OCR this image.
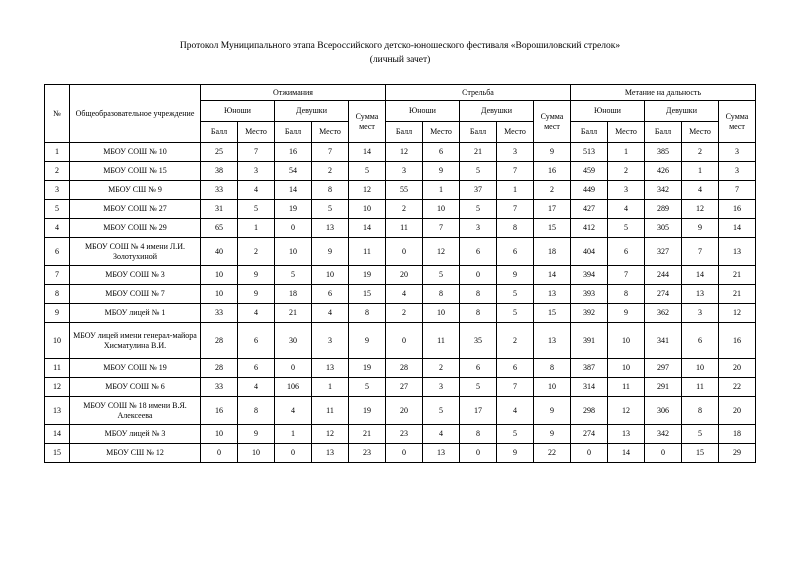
Протокол Муниципального этапа Всероссийского детско-юношеского фестиваля «Ворошиловский стрелок»
(личный зачет)
№	Общеобразовательное учреждение	Отжимания					Стрельба					Метание на дальность				
		Юноши		Девушки		Сумма мест	Юноши		Девушки		Сумма мест	Юноши		Девушки		Сумма мест
		Балл	Место	Балл	Место		Балл	Место	Балл	Место		Балл	Место	Балл	Место	
1	МБОУ СОШ № 10	25	7	16	7	14	12	6	21	3	9	513	1	385	2	3
2	МБОУ СОШ № 15	38	3	54	2	5	3	9	5	7	16	459	2	426	1	3
3	МБОУ СШ № 9	33	4	14	8	12	55	1	37	1	2	449	3	342	4	7
5	МБОУ СОШ № 27	31	5	19	5	10	2	10	5	7	17	427	4	289	12	16
4	МБОУ СОШ № 29	65	1	0	13	14	11	7	3	8	15	412	5	305	9	14
6	МБОУ СОШ № 4 имени Л.И. Золотухиной	40	2	10	9	11	0	12	6	6	18	404	6	327	7	13
7	МБОУ СОШ № 3	10	9	5	10	19	20	5	0	9	14	394	7	244	14	21
8	МБОУ СОШ № 7	10	9	18	6	15	4	8	8	5	13	393	8	274	13	21
9	МБОУ лицей № 1	33	4	21	4	8	2	10	8	5	15	392	9	362	3	12
10	МБОУ лицей имени генерал-майора Хисматулина В.И.	28	6	30	3	9	0	11	35	2	13	391	10	341	6	16
11	МБОУ СОШ № 19	28	6	0	13	19	28	2	6	6	8	387	10	297	10	20
12	МБОУ СОШ № 6	33	4	106	1	5	27	3	5	7	10	314	11	291	11	22
13	МБОУ СОШ № 18 имени В.Я. Алексеева	16	8	4	11	19	20	5	17	4	9	298	12	306	8	20
14	МБОУ лицей № 3	10	9	1	12	21	23	4	8	5	9	274	13	342	5	18
15	МБОУ СШ № 12	0	10	0	13	23	0	13	0	9	22	0	14	0	15	29
